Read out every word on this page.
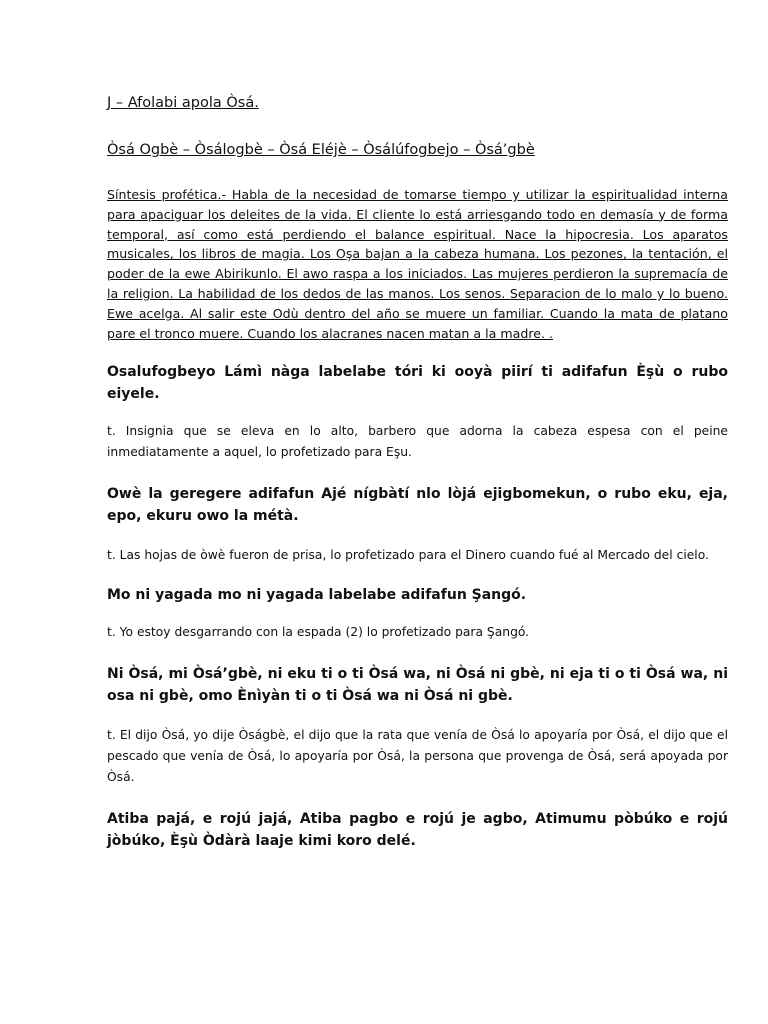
J – Afolabi apola Òsá.

Òsá Ogbè – Òsálogbè – Òsá Eléjè – Òsálúfogbejo – Òsá’gbè

Síntesis profética.- Habla de la necesidad de tomarse tiempo y utilizar la espiritualidad interna para apaciguar los deleites de la vida. El cliente lo está arriesgando todo en demasía y de forma temporal, así como está perdiendo el balance espiritual. Nace la hipocresia. Los aparatos musicales, los libros de magia. Los Oşa bajan a la cabeza humana. Los pezones, la tentación, el poder de la ewe Abirikunlo. El awo raspa a los iniciados. Las mujeres perdieron la supremacía de la religion. La habilidad de los dedos de las manos. Los senos. Separacion de lo malo y lo bueno. Ewe acelga. Al salir este Odù dentro del año se muere un familiar. Cuando la mata de platano pare el tronco muere. Cuando los alacranes nacen matan a la madre. .

Osalufogbeyo Lámì nàga labelabe tóri ki ooyà piirí ti adifafun Èşù o rubo eiyele.

t. Insignia que se eleva en lo alto, barbero que adorna la cabeza espesa con el peine inmediatamente a aquel, lo profetizado para Eşu.

Owè la geregere adifafun Ajé nígbàtí nlo lòjá ejigbomekun, o rubo eku, eja, epo, ekuru owo la métà.

t. Las hojas de òwè fueron de prisa, lo profetizado para el Dinero cuando fué al Mercado del cielo.

Mo ni yagada mo ni yagada labelabe adifafun Şangó.

t. Yo estoy desgarrando con la espada (2) lo profetizado para Şangó.

Ni Òsá, mi Òsá’gbè, ni eku ti o ti Òsá wa, ni Òsá ni gbè, ni eja ti o ti Òsá wa, ni osa ni gbè, omo Ènìyàn ti o ti Òsá wa ni Òsá ni gbè.

t. El dijo Òsá, yo dije Òságbè, el dijo que la rata que venía de Òsá lo apoyaría por Òsá, el dijo que el pescado que venía de Òsá, lo apoyaría por Òsá, la persona que provenga de Òsá, será apoyada por Òsá.

Atiba pajá, e rojú jajá, Atiba pagbo e rojú je agbo, Atimumu pòbúko e rojú jòbúko, Èşù Òdàrà laaje kimi koro delé.
